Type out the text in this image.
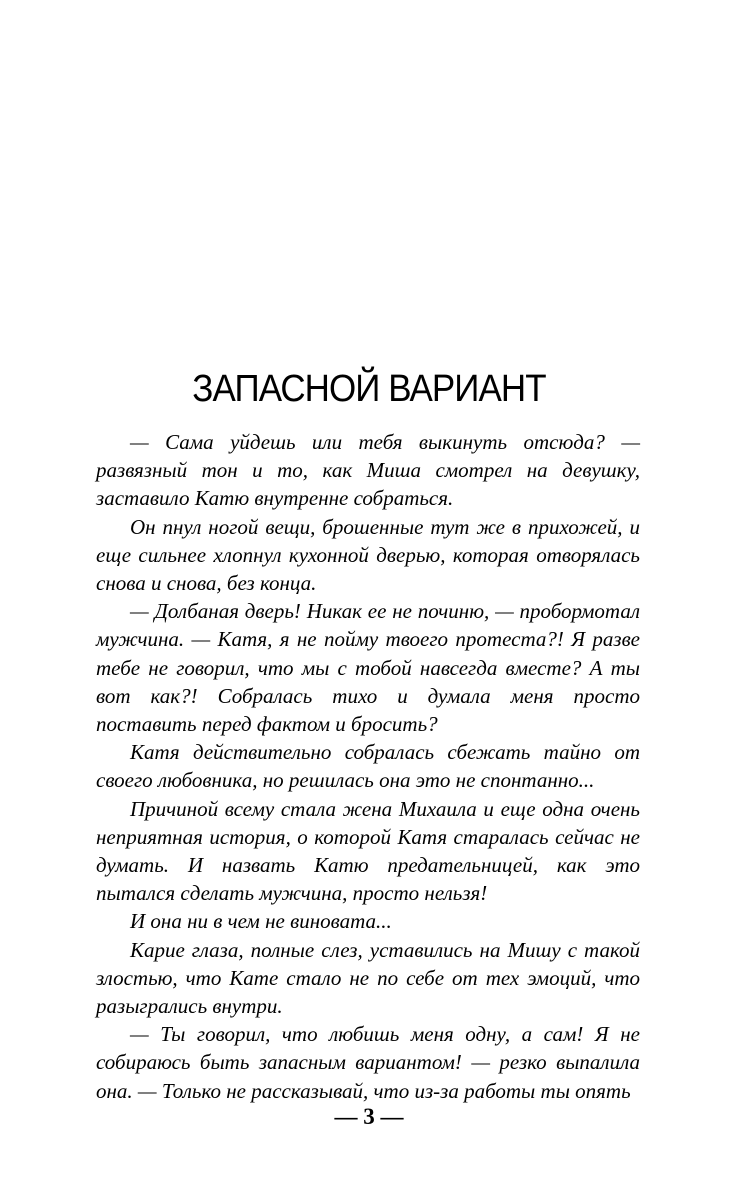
ЗАПАСНОЙ ВАРИАНТ

— Сама уйдешь или тебя выкинуть отсюда? — развязный тон и то, как Миша смотрел на девушку, заставило Катю внутренне собраться.

Он пнул ногой вещи, брошенные тут же в прихожей, и еще сильнее хлопнул кухонной дверью, которая отворялась снова и снова, без конца.

— Долбаная дверь! Никак ее не починю, — пробормотал мужчина. — Катя, я не пойму твоего протеста?! Я разве тебе не говорил, что мы с тобой навсегда вместе? А ты вот как?! Собралась тихо и думала меня просто поставить перед фактом и бросить?

Катя действительно собралась сбежать тайно от своего любовника, но решилась она это не спонтанно...

Причиной всему стала жена Михаила и еще одна очень неприятная история, о которой Катя старалась сейчас не думать. И назвать Катю предательницей, как это пытался сделать мужчина, просто нельзя!

И она ни в чем не виновата...

Карие глаза, полные слез, уставились на Мишу с такой злостью, что Кате стало не по себе от тех эмоций, что разыгрались внутри.

— Ты говорил, что любишь меня одну, а сам! Я не собираюсь быть запасным вариантом! — резко выпалила она. — Только не рассказывай, что из-за работы ты опять

— 3 —
